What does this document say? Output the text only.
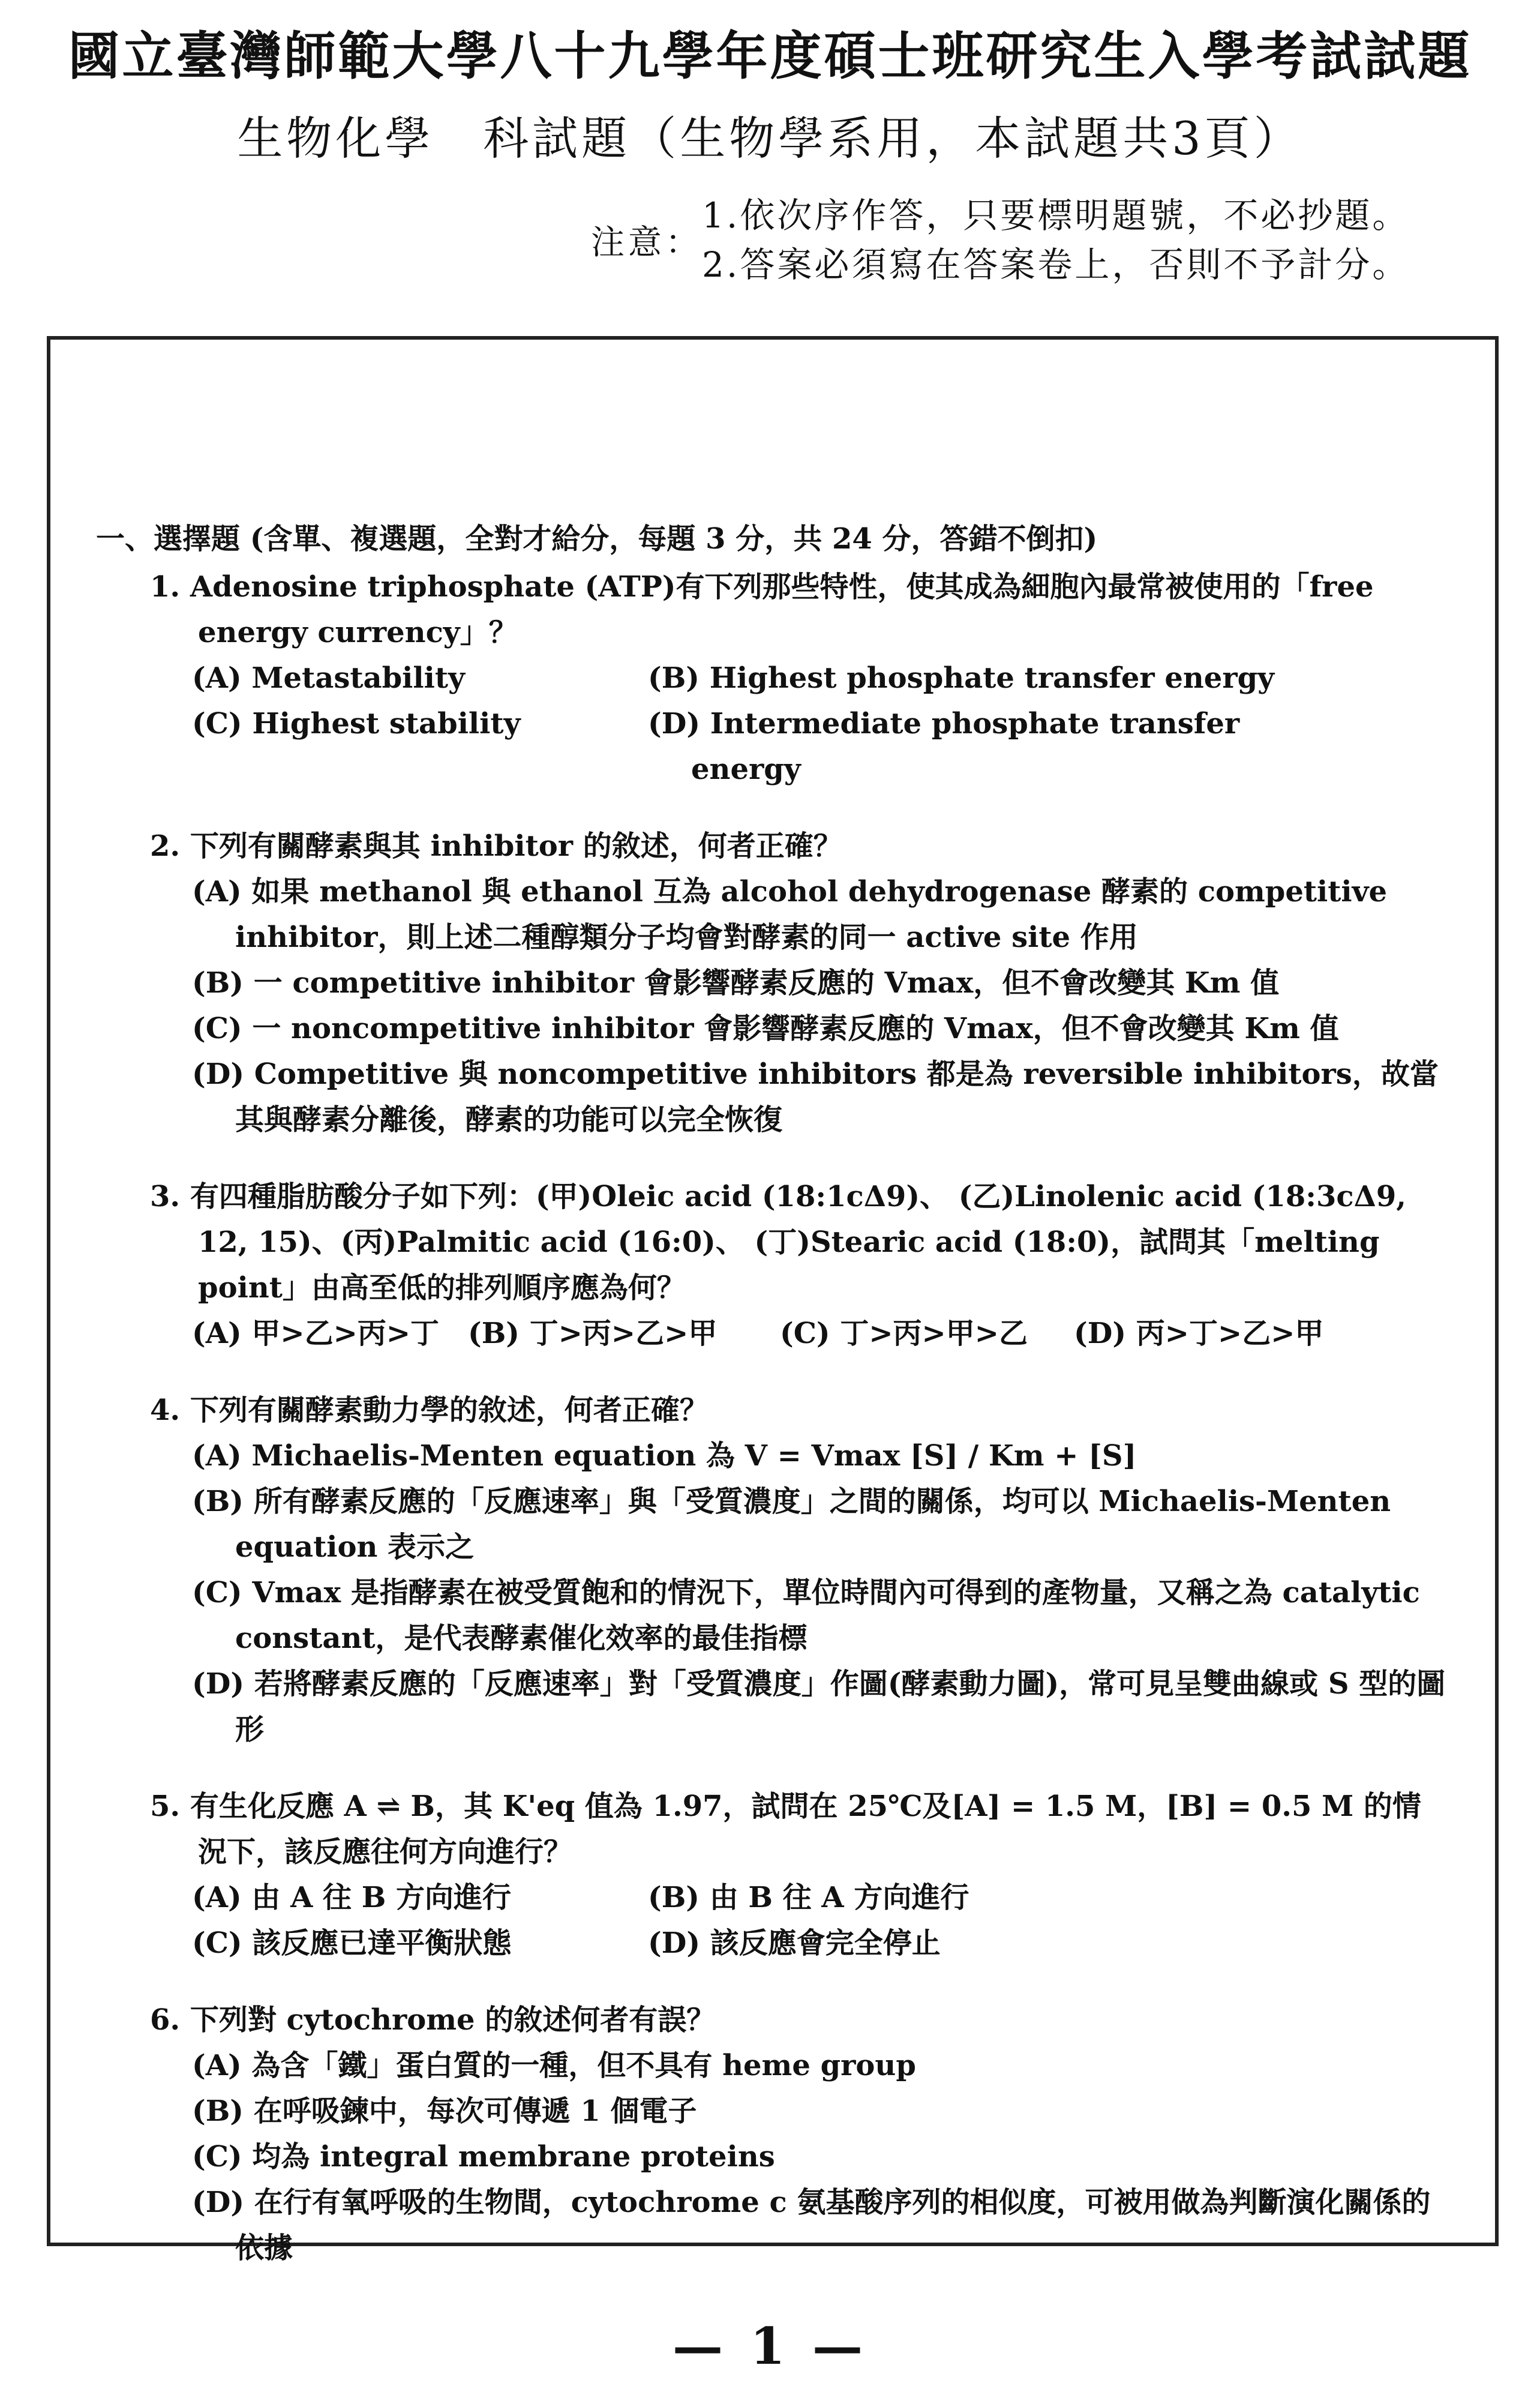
國立臺灣師範大學八十九學年度碩士班研究生入學考試試題
生物化學　科試題（生物學系用，本試題共3頁）
注意：
1.依次序作答，只要標明題號，不必抄題。
2.答案必須寫在答案卷上，否則不予計分。
一、選擇題 (含單、複選題，全對才給分，每題 3 分，共 24 分，答錯不倒扣)
1. Adenosine triphosphate (ATP)有下列那些特性，使其成為細胞內最常被使用的「free energy currency」？
(A) Metastability	(B) Highest phosphate transfer energy
(C) Highest stability	(D) Intermediate phosphate transfer energy
2. 下列有關酵素與其 inhibitor 的敘述，何者正確？
(A) 如果 methanol 與 ethanol 互為 alcohol dehydrogenase 酵素的 competitive inhibitor，則上述二種醇類分子均會對酵素的同一 active site 作用
(B) 一 competitive inhibitor 會影響酵素反應的 Vmax，但不會改變其 Km 值
(C) 一 noncompetitive inhibitor 會影響酵素反應的 Vmax，但不會改變其 Km 值
(D) Competitive 與 noncompetitive inhibitors 都是為 reversible inhibitors，故當其與酵素分離後，酵素的功能可以完全恢復
3. 有四種脂肪酸分子如下列：(甲)Oleic acid (18:1cΔ9)、 (乙)Linolenic acid (18:3cΔ9, 12, 15)、(丙)Palmitic acid (16:0)、 (丁)Stearic acid (18:0)，試問其「melting point」由高至低的排列順序應為何？
(A) 甲>乙>丙>丁 (B) 丁>丙>乙>甲	(C) 丁>丙>甲>乙	(D) 丙>丁>乙>甲
4. 下列有關酵素動力學的敘述，何者正確？
(A) Michaelis-Menten equation 為 V = Vmax [S] / Km + [S]
(B) 所有酵素反應的「反應速率」與「受質濃度」之間的關係，均可以 Michaelis-Menten equation 表示之
(C) Vmax 是指酵素在被受質飽和的情況下，單位時間內可得到的產物量，又稱之為 catalytic constant，是代表酵素催化效率的最佳指標
(D) 若將酵素反應的「反應速率」對「受質濃度」作圖(酵素動力圖)，常可見呈雙曲線或 S 型的圖形
5. 有生化反應 A ⇌ B，其 K'eq 值為 1.97，試問在 25℃及[A] = 1.5 M，[B] = 0.5 M 的情況下，該反應往何方向進行？
(A) 由 A 往 B 方向進行	(B) 由 B 往 A 方向進行
(C) 該反應已達平衡狀態	(D) 該反應會完全停止
6. 下列對 cytochrome 的敘述何者有誤？
(A) 為含「鐵」蛋白質的一種，但不具有 heme group
(B) 在呼吸鍊中，每次可傳遞 1 個電子
(C) 均為 integral membrane proteins
(D) 在行有氧呼吸的生物間，cytochrome c 氨基酸序列的相似度，可被用做為判斷演化關係的依據
— 1 —
